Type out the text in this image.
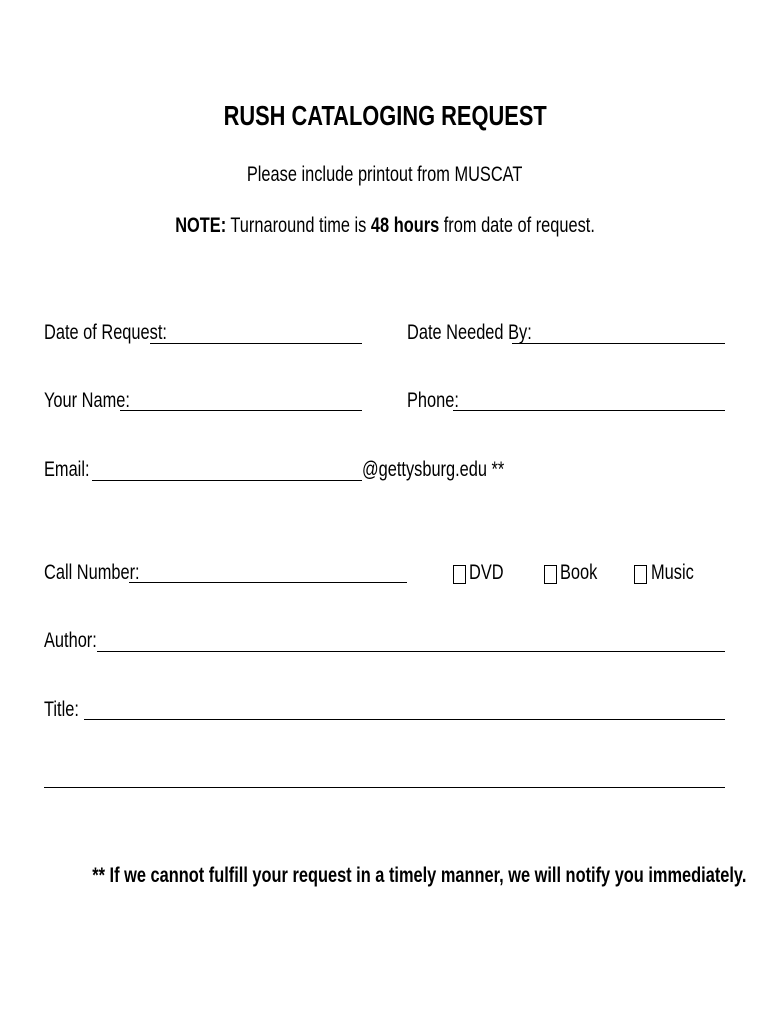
RUSH CATALOGING REQUEST
Please include printout from MUSCAT
NOTE: Turnaround time is 48 hours from date of request.
Date of Request:	Date Needed By:
Your Name:	Phone:
Email:	@gettysburg.edu **
Call Number:	DVD	Book	Music
Author:
Title:
** If we cannot fulfill your request in a timely manner, we will notify you immediately.
